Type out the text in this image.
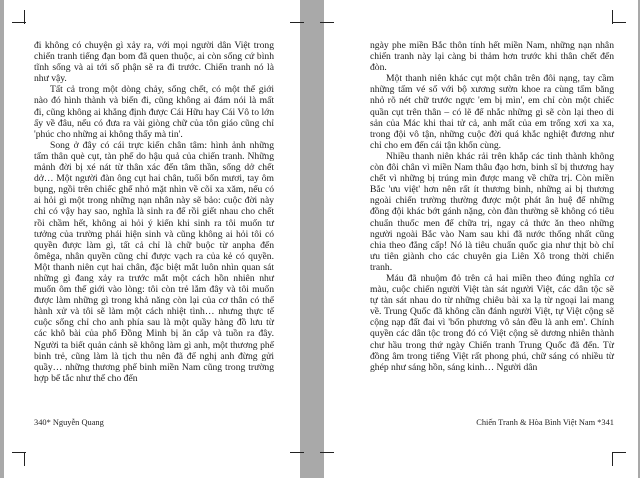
đi không có chuyện gì xảy ra, với mọi người dân Việt trong chiến tranh tiếng đạn bom đã quen thuộc, ai còn sống cứ bình tĩnh sống và ai tới số phận sẽ ra đi trước. Chiến tranh nó là như vậy.

Tất cả trong một dòng chảy, sống chết, có một thế giới nào đó hình thành và biến đi, cũng không ai đám nói là mất đi, cũng không ai khẳng định được Cái Hữu hay Cái Vô to lớn ấy về đâu, nếu có đưa ra vài giòng chữ của tôn giáo cũng chỉ 'phúc cho những ai không thấy mà tin'.

Song ở đây có cái trực kiến chân tâm: hình ảnh những tấm thân què cụt, tàn phế do hậu quả của chiến tranh. Những mảnh đời bị xé nát từ thân xác đến tâm thần, sống dở chết dở… Một người đàn ông cụt hai chân, tuổi bốn mươi, tay ôm bụng, ngồi trên chiếc ghế nhỏ mặt nhìn về cõi xa xăm, nếu có ai hỏi gì một trong những nạn nhân này sẽ bảo: cuộc đời này chỉ có vậy hay sao, nghĩa là sinh ra để rồi giết nhau cho chết rồi chầm hết, không ai hỏi ý kiến khi sinh ra tôi muốn tư tưởng của trường phái hiện sinh và cũng không ai hỏi tôi có quyền được làm gì, tất cả chỉ là chữ buộc từ anpha đến ômêga, nhân quyền cũng chỉ được vạch ra của kẻ có quyền. Một thanh niên cụt hai chân, đặc biệt mắt luôn nhìn quan sát những gì đang xảy ra trước mắt một cách hồn nhiên như muốn ôm thế giới vào lòng: tôi còn trẻ lắm đây và tôi muốn được làm những gì trong khả năng còn lại của cơ thân có thể hành xử và tôi sẽ làm một cách nhiệt tình… nhưng thực tế cuộc sống chỉ cho anh phía sau là một quầy hàng đồ lưu từ các khô bài của phố Đồng Minh bị ăn cắp và tuồn ra đây. Người ta biết quản cảnh sẽ không làm gì anh, một thương phế binh trẻ, cũng làm là tịch thu nên đã để nghị anh đừng gửi quầy… những thương phế binh miền Nam cũng trong trường hợp bế tắc như thế cho đến

340* Nguyễn Quang

ngày phe miền Bắc thôn tính hết miền Nam, những nạn nhân chiến tranh này lại càng bi thảm hơn trước khi thân chết đến đòn.

Một thanh niên khác cụt một chân trên đôi nạng, tay cầm những tấm vé số với bộ xương sườn khoe ra cùng tấm băng nhỏ rõ nét chữ trước ngực 'em bị mìn', em chỉ còn một chiếc quần cụt trên thân – có lẽ để nhắc những gì sẽ còn lại theo di sản của Mác khi thai tử cả, anh mất của em trống xơi xa xa, trong đội vô tận, những cuộc đời quá khắc nghiệt đương như chỉ cho em đến cái tận khốn cùng.

Nhiều thanh niên khác rải trên khắp các tỉnh thành không còn đôi chân vì miền Nam thâu đạo hơn, binh sĩ bị thương hay chết vì những bị trúng mìn được mang về chữa trị. Còn miền Bắc 'ưu việt' hơn nên rất ít thương binh, những ai bị thương ngoài chiến trường thường được một phát ân huệ để những đồng đội khác bớt gánh nặng, còn đàn thường sẽ không có tiêu chuẩn thuốc men để chữa trị, ngay cả thức ăn theo những người ngoài Bắc vào Nam sau khi đã nước thống nhất cũng chia theo đẳng cấp! Nó là tiêu chuẩn quốc gia như thịt bò chỉ ưu tiên giành cho các chuyên gia Liên Xô trong thời chiến tranh.

Máu đã nhuộm đỏ trên cả hai miền theo đúng nghĩa cơ màu, cuộc chiến người Việt tàn sát người Việt, các dân tộc sẽ tự tàn sát nhau do từ những chiêu bài xa lạ từ ngoại lai mang về. Trung Quốc đã không cần đánh người Việt, tự Việt cộng sẽ cộng nạp đất đai vì 'bốn phương vô sản đều là anh em'. Chính quyền các dân tộc trong đó có Việt cộng sẽ dương nhiên thành chư hầu trong thứ ngày Chiến tranh Trung Quốc đã đến. Từ đồng âm trong tiếng Việt rất phong phú, chữ sáng có nhiều từ ghép như sáng hồn, sáng kinh… Người dân

Chiến Tranh & Hòa Bình Việt Nam *341
